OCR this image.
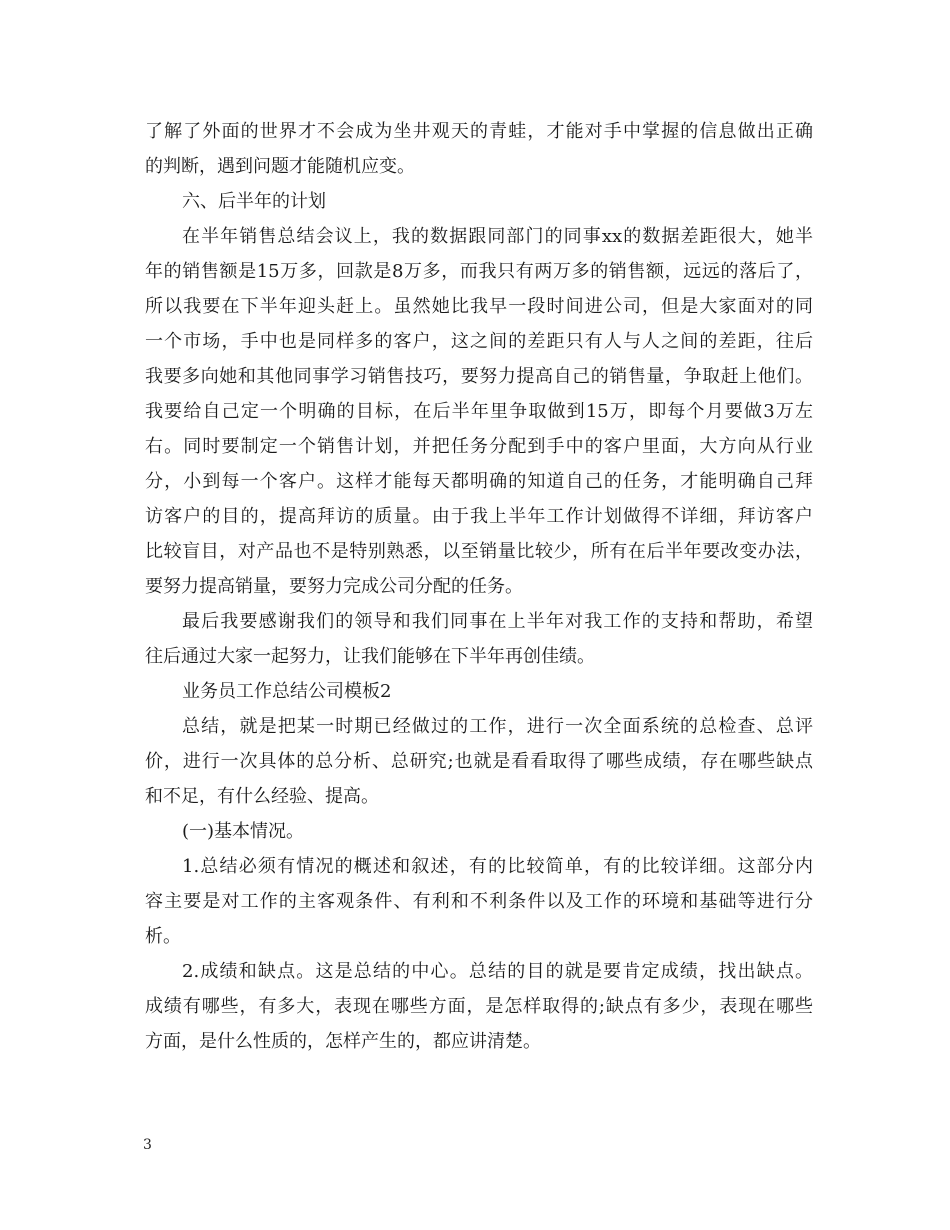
了解了外面的世界才不会成为坐井观天的青蛙，才能对手中掌握的信息做出正确
的判断，遇到问题才能随机应变。
六、后半年的计划
在半年销售总结会议上，我的数据跟同部门的同事xx的数据差距很大，她半
年的销售额是15万多，回款是8万多，而我只有两万多的销售额，远远的落后了，
所以我要在下半年迎头赶上。虽然她比我早一段时间进公司，但是大家面对的同
一个市场，手中也是同样多的客户，这之间的差距只有人与人之间的差距，往后
我要多向她和其他同事学习销售技巧，要努力提高自己的销售量，争取赶上他们。
我要给自己定一个明确的目标，在后半年里争取做到15万，即每个月要做3万左
右。同时要制定一个销售计划，并把任务分配到手中的客户里面，大方向从行业
分，小到每一个客户。这样才能每天都明确的知道自己的任务，才能明确自己拜
访客户的目的，提高拜访的质量。由于我上半年工作计划做得不详细，拜访客户
比较盲目，对产品也不是特别熟悉，以至销量比较少，所有在后半年要改变办法，
要努力提高销量，要努力完成公司分配的任务。
最后我要感谢我们的领导和我们同事在上半年对我工作的支持和帮助，希望
往后通过大家一起努力，让我们能够在下半年再创佳绩。
业务员工作总结公司模板2
总结，就是把某一时期已经做过的工作，进行一次全面系统的总检查、总评
价，进行一次具体的总分析、总研究;也就是看看取得了哪些成绩，存在哪些缺点
和不足，有什么经验、提高。
(一)基本情况。
1.总结必须有情况的概述和叙述，有的比较简单，有的比较详细。这部分内
容主要是对工作的主客观条件、有利和不利条件以及工作的环境和基础等进行分
析。
2.成绩和缺点。这是总结的中心。总结的目的就是要肯定成绩，找出缺点。
成绩有哪些，有多大，表现在哪些方面，是怎样取得的;缺点有多少，表现在哪些
方面，是什么性质的，怎样产生的，都应讲清楚。
3
